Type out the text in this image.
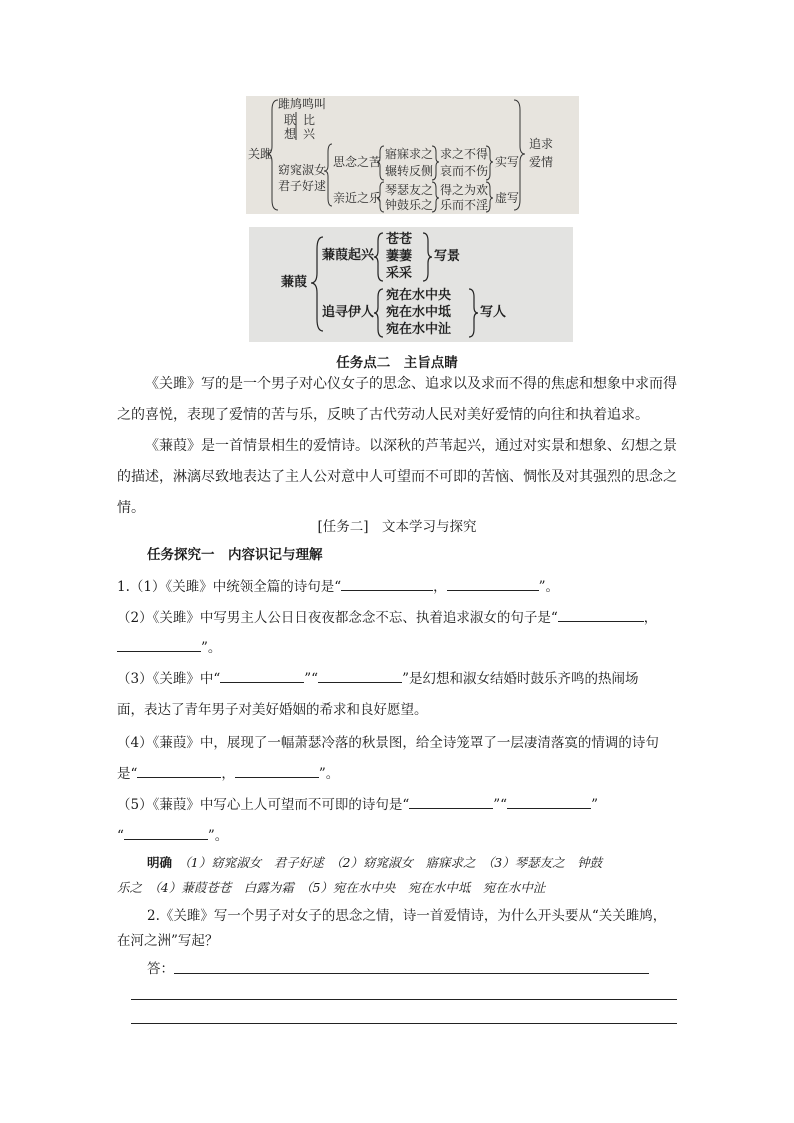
关雎
雎鸠鸣叫
联
想
比
兴
窈窕淑女
君子好逑
思念之苦
亲近之乐
寤寐求之
辗转反侧
琴瑟友之
钟鼓乐之
求之不得
哀而不伤
得之为欢
乐而不淫
实写
虚写
追求
爱情
蒹葭
蒹葭起兴
追寻伊人
苍苍
萋萋
采采
写景
宛在水中央
宛在水中坻
宛在水中沚
写人
任务点二　主旨点睛
《关雎》写的是一个男子对心仪女子的思念、追求以及求而不得的焦虑和想象中求而得
之的喜悦，表现了爱情的苦与乐，反映了古代劳动人民对美好爱情的向往和执着追求。
《蒹葭》是一首情景相生的爱情诗。以深秋的芦苇起兴，通过对实景和想象、幻想之景
的描述，淋漓尽致地表达了主人公对意中人可望而不可即的苦恼、惆怅及对其强烈的思念之
情。
[任务二]　文本学习与探究
任务探究一　内容识记与理解
1.（1）《关雎》中统领全篇的诗句是“	，	”。
（2）《关雎》中写男主人公日日夜夜都念念不忘、执着追求淑女的句子是“	，
”。
（3）《关雎》中“	”“	”是幻想和淑女结婚时鼓乐齐鸣的热闹场
面，表达了青年男子对美好婚姻的希求和良好愿望。
（4）《蒹葭》中，展现了一幅萧瑟冷落的秋景图，给全诗笼罩了一层凄清落寞的情调的诗句
是“	，	”。
（5）《蒹葭》中写心上人可望而不可即的诗句是“	”“	”
“	”。
明确　 （1）窈窕淑女　君子好逑　（2）窈窕淑女　寤寐求之　（3）琴瑟友之　钟鼓
乐之　（4）蒹葭苍苍　白露为霜　（5）宛在水中央　宛在水中坻　宛在水中沚
2.《关雎》写一个男子对女子的思念之情，诗一首爱情诗，为什么开头要从“关关雎鸠，
在河之洲”写起？
答：
